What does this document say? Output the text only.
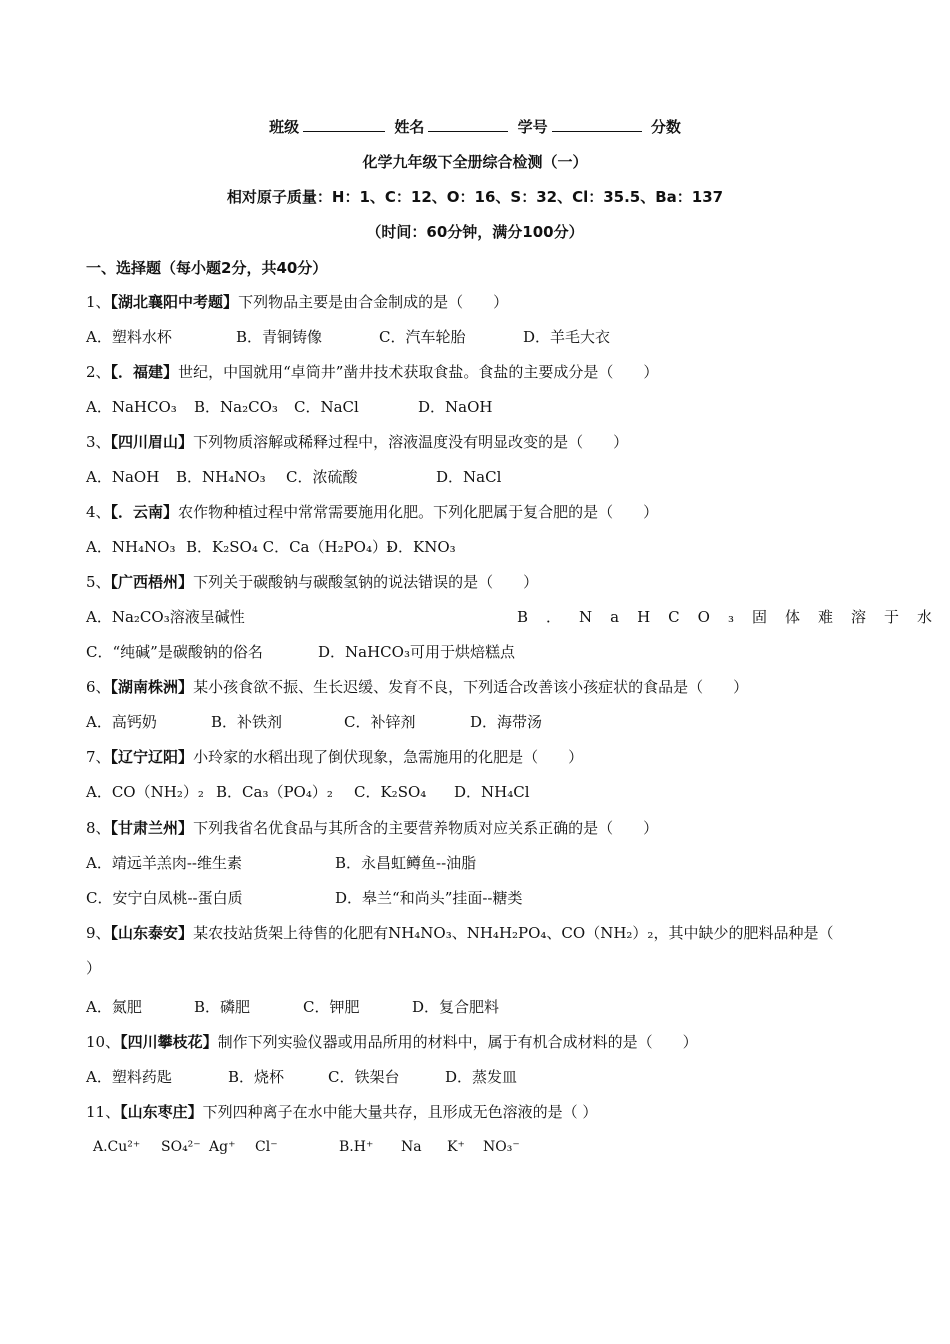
班级	姓名	学号	分数
化学九年级下全册综合检测（一）
相对原子质量：H：1、C：12、O：16、S：32、Cl：35.5、Ba：137
（时间：60分钟，满分100分）
一、选择题（每小题2分，共40分）
1、【湖北襄阳中考题】下列物品主要是由合金制成的是（　　）
A．塑料水杯	B．青铜铸像	C．汽车轮胎	D．羊毛大衣
2、【．福建】世纪，中国就用“卓筒井”凿井技术获取食盐。食盐的主要成分是（　　）
A．NaHCO₃ B．Na₂CO₃ C．NaCl	D．NaOH
3、【四川眉山】下列物质溶解或稀释过程中，溶液温度没有明显改变的是（　　）
A．NaOH B．NH₄NO₃ C．浓硫酸	D．NaCl
4、【．云南】农作物种植过程中常常需要施用化肥。下列化肥属于复合肥的是（　　）
A．NH₄NO₃ B．K₂SO₄ C．Ca（H₂PO₄）₂D．KNO₃
5、【广西梧州】下列关于碳酸钠与碳酸氢钠的说法错误的是（　　）
A．Na₂CO₃溶液呈碱性	B．NaHCO₃固体难溶于水
C．“纯碱”是碳酸钠的俗名	D．NaHCO₃可用于烘焙糕点
6、【湖南株洲】某小孩食欲不振、生长迟缓、发育不良，下列适合改善该小孩症状的食品是（　　）
A．高钙奶	B．补铁剂	C．补锌剂	D．海带汤
7、【辽宁辽阳】小玲家的水稻出现了倒伏现象，急需施用的化肥是（　　）
A．CO（NH₂）₂ B．Ca₃（PO₄）₂ C．K₂SO₄ D．NH₄Cl
8、【甘肃兰州】下列我省名优食品与其所含的主要营养物质对应关系正确的是（　　）
A．靖远羊羔肉--维生素	B．永昌虹鳟鱼--油脂
C．安宁白凤桃--蛋白质	D．皋兰“和尚头”挂面--糖类
9、【山东泰安】某农技站货架上待售的化肥有NH₄NO₃、NH₄H₂PO₄、CO（NH₂）₂，其中缺少的肥料品种是（
）
A．氮肥	B．磷肥	C．钾肥	D．复合肥料
10、【四川攀枝花】制作下列实验仪器或用品所用的材料中，属于有机合成材料的是（　　）
A．塑料药匙	B．烧杯	C．铁架台	D．蒸发皿
11、【山东枣庄】下列四种离子在水中能大量共存，且形成无色溶液的是（ ）
A.Cu²⁺ SO₄²⁻ Ag⁺ Cl⁻	B.H⁺ Na K⁺ NO₃⁻
